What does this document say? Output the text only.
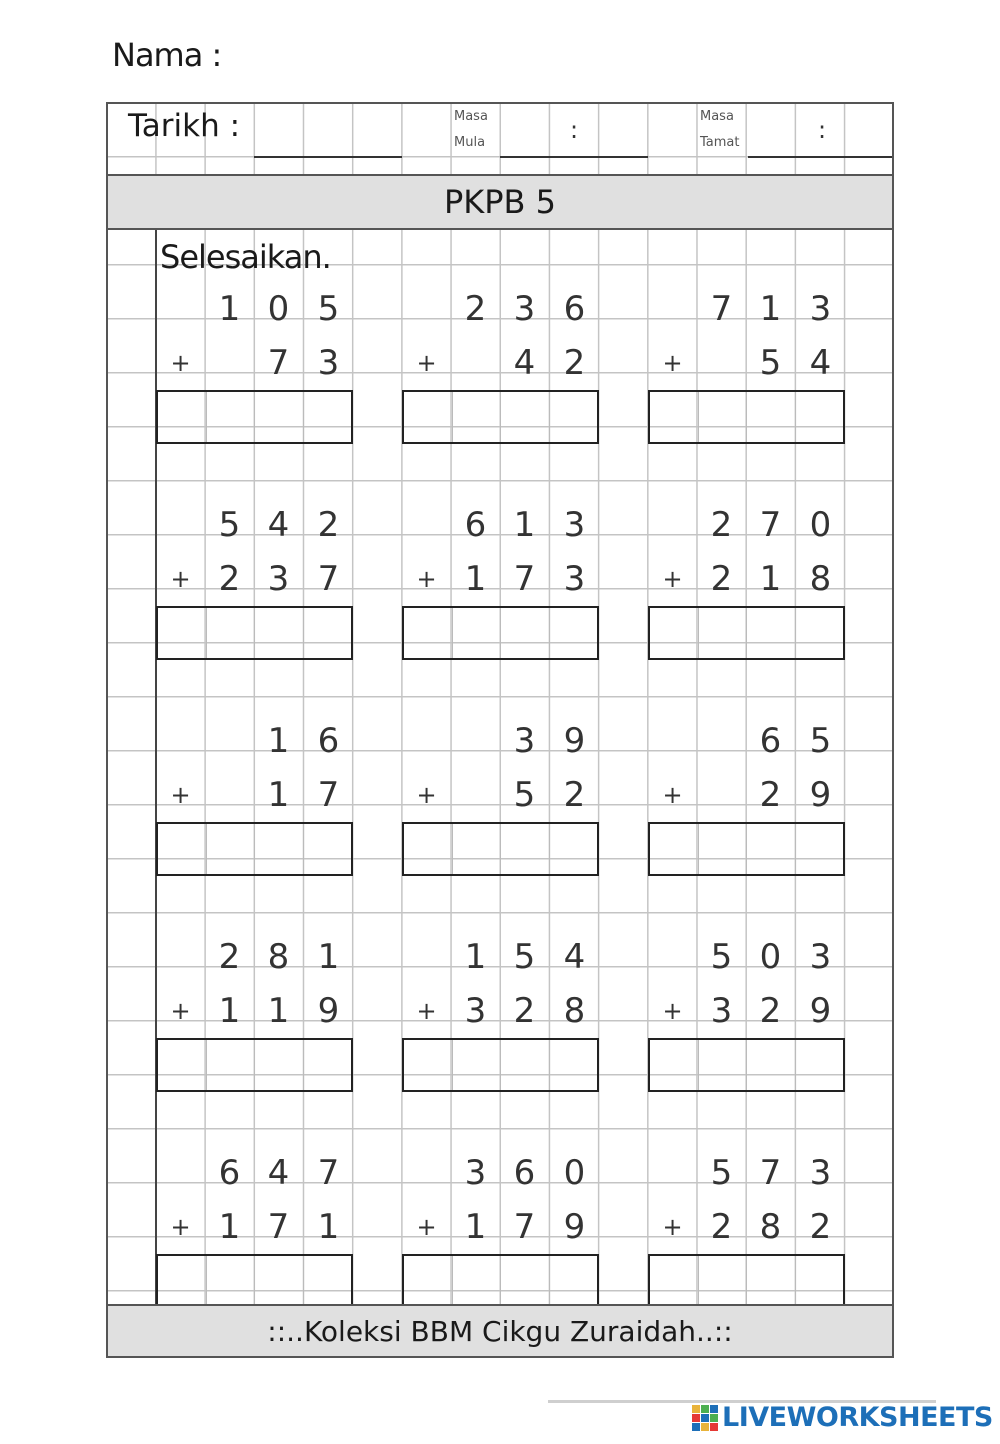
Nama :
Tarikh :	Masa
Mula	:	Masa
Tamat	:
PKPB 5
Selesaikan.
1 0 5
+	7 3
2 3 6
+	4 2
7 1 3
+	5 4
5 4 2
+ 2 3 7
6 1 3
+ 1 7 3
2 7 0
+ 2 1 8
1 6
+	1 7
3 9
+	5 2
6 5
+	2 9
2 8 1
+ 1 1 9
1 5 4
+ 3 2 8
5 0 3
+ 3 2 9
6 4 7
+ 1 7 1
3 6 0
+ 1 7 9
5 7 3
+ 2 8 2
::..Koleksi BBM Cikgu Zuraidah..::
LIVEWORKSHEETS
